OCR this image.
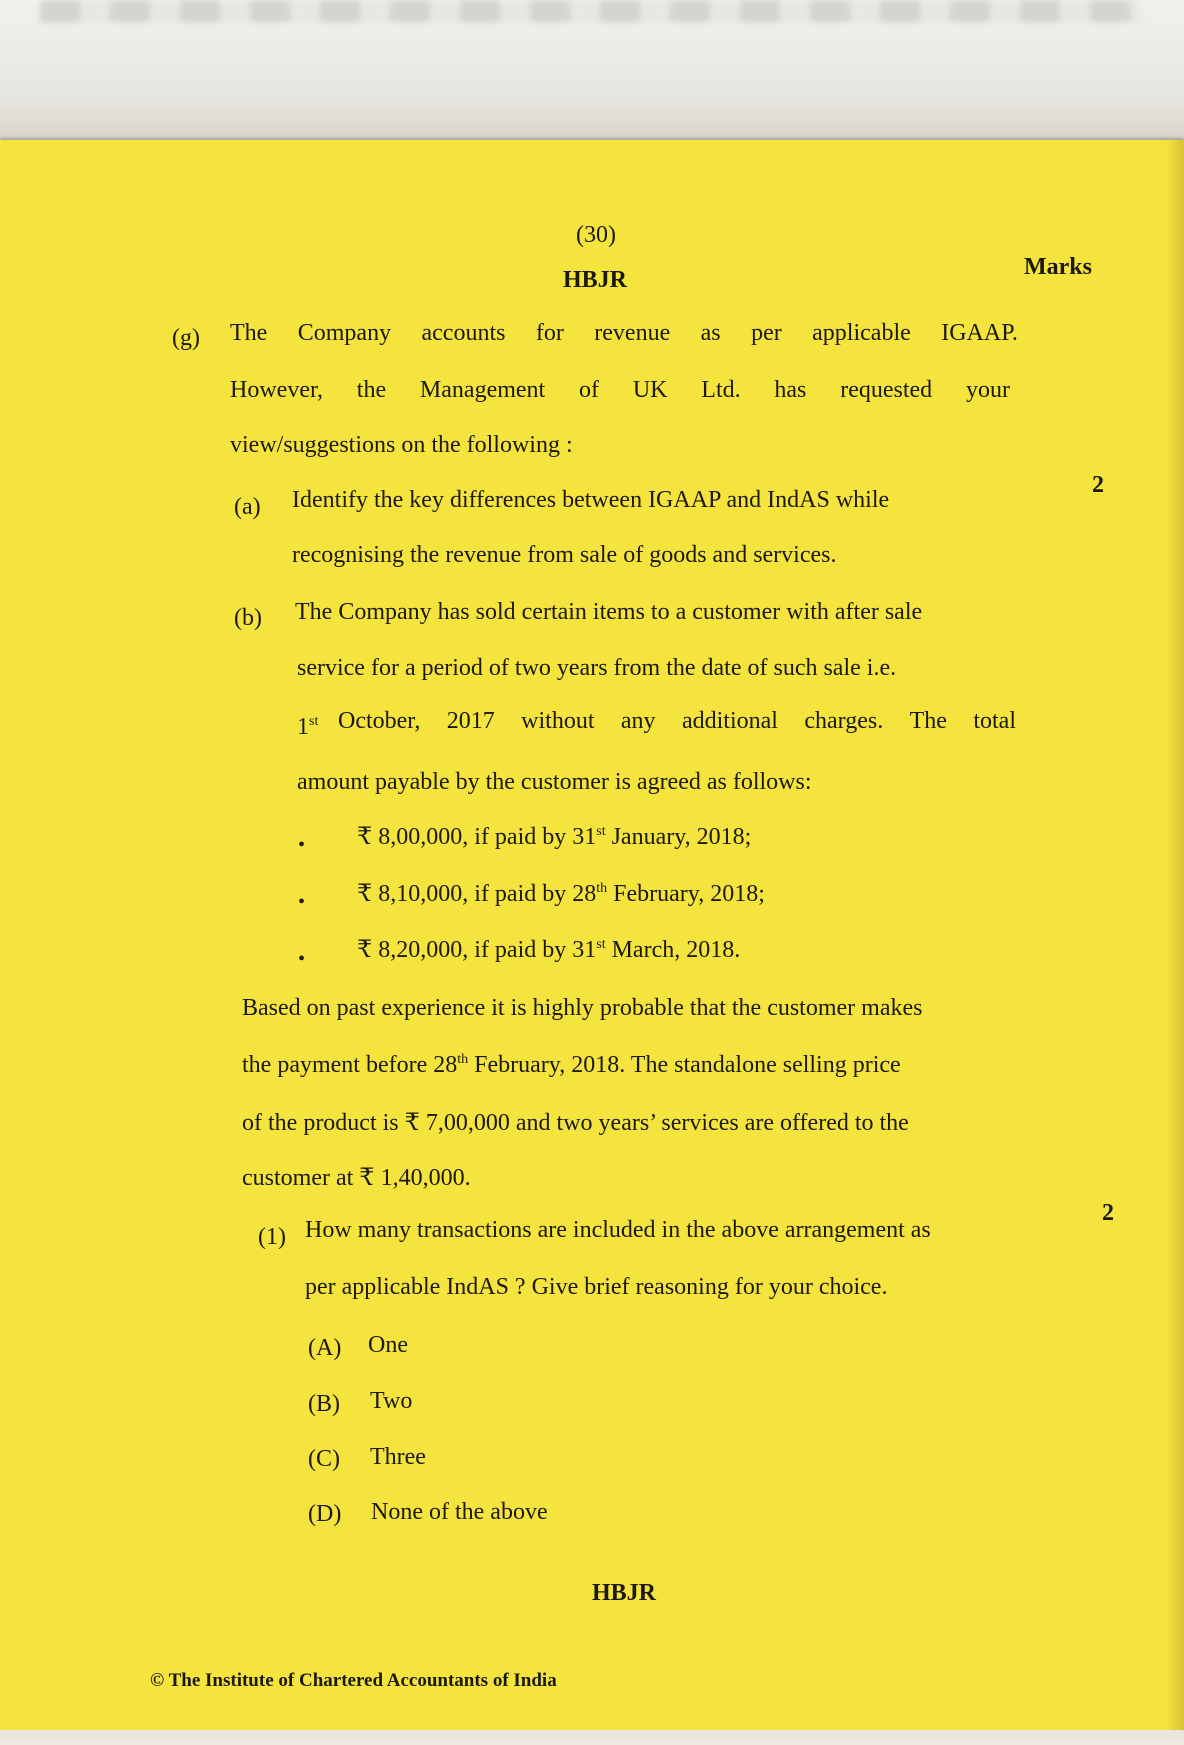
(30)
HBJR	Marks
(g) The Company accounts for revenue as per applicable IGAAP.
However, the Management of UK Ltd. has requested your
view/suggestions on the following :
(a) Identify the key differences between IGAAP and IndAS while
recognising the revenue from sale of goods and services.
2
(b) The Company has sold certain items to a customer with after sale
service for a period of two years from the date of such sale i.e.
1st October, 2017 without any additional charges. The total
amount payable by the customer is agreed as follows:
• ₹ 8,00,000, if paid by 31st January, 2018;
• ₹ 8,10,000, if paid by 28th February, 2018;
• ₹ 8,20,000, if paid by 31st March, 2018.
Based on past experience it is highly probable that the customer makes
the payment before 28th February, 2018. The standalone selling price
of the product is ₹ 7,00,000 and two years’ services are offered to the
customer at ₹ 1,40,000.
(1) How many transactions are included in the above arrangement as
per applicable IndAS ? Give brief reasoning for your choice.
2
(A) One
(B) Two
(C) Three
(D) None of the above
HBJR
© The Institute of Chartered Accountants of India
